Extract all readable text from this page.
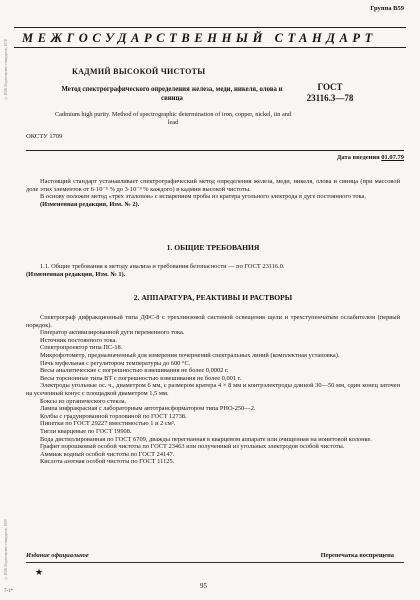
Группа В59
МЕЖГОСУДАРСТВЕННЫЙ СТАНДАРТ
КАДМИЙ ВЫСОКОЙ ЧИСТОТЫ
Метод спектрографического определения железа, меди, никеля, олова и свинца
ГОСТ
23116.3—78
Cadmium high purity. Method of spectrographic determination of iron, copper, nickel, tin and lead
ОКСТУ 1709
Дата введения 01.07.79

Настоящий стандарт устанавливает спектрографический метод определения железа, меди, никеля, олова и свинца (при массовой доле этих элементов от 6·10⁻⁵ % до 3·10⁻³ % каждого) в кадмии высокой чистоты.

В основу положен метод «трех эталонов» с испарением пробы из кратера угольного электрода в дуге постоянного тока.

(Измененная редакция, Изм. № 2).

1. ОБЩИЕ ТРЕБОВАНИЯ

1.1. Общие требования к методу анализа и требования безопасности — по ГОСТ 23116.0.

(Измененная редакция, Изм. № 1).

2. АППАРАТУРА, РЕАКТИВЫ И РАСТВОРЫ

Спектрограф дифракционный типа ДФС-8 с трехлинзовой системой освещения щели и трехступенчатым ослабителем (первый порядок).

Генератор активизированной дуги переменного тока.

Источник постоянного тока.

Спектропроектор типа ПС-18.

Микрофотометр, предназначенный для измерения почернений спектральных линий (комплектная установка).

Печь муфельная с регулятором температуры до 600 °С.

Весы аналитические с погрешностью взвешивания не более 0,0002 г.

Весы торсионные типа ВТ с погрешностью взвешивания не более 0,001 г.

Электроды угольные ос. ч., диаметром 6 мм, с размером кратера 4 × 8 мм и контрэлектроды длиной 30—50 мм, один конец заточен на усеченный конус с площадкой диаметром 1,5 мм.

Боксы из органического стекла.

Лампа инфракрасная с лабораторным автотрансформатором типа РНО-250—2.

Колбы с градуированной горловиной по ГОСТ 12738.

Пипетки по ГОСТ 29227 вместимостью 1 и 2 см³.

Тигли кварцевые по ГОСТ 19908.

Вода дистиллированная по ГОСТ 6709, дважды перегнанная в кварцевом аппарате или очищенная на ионитовой колонке.

Графит порошковый особой чистоты по ГОСТ 23463 или полученный из угольных электродов особой чистоты.

Аммиак водный особой чистоты по ГОСТ 24147.

Кислота азотная особой чистоты по ГОСТ 11125.

Издание официальное	Перепечатка воспрещена
★
95
7-1*
© ИПК Издательство стандартов, 1978
© ИПК Издательство стандартов, 1999
